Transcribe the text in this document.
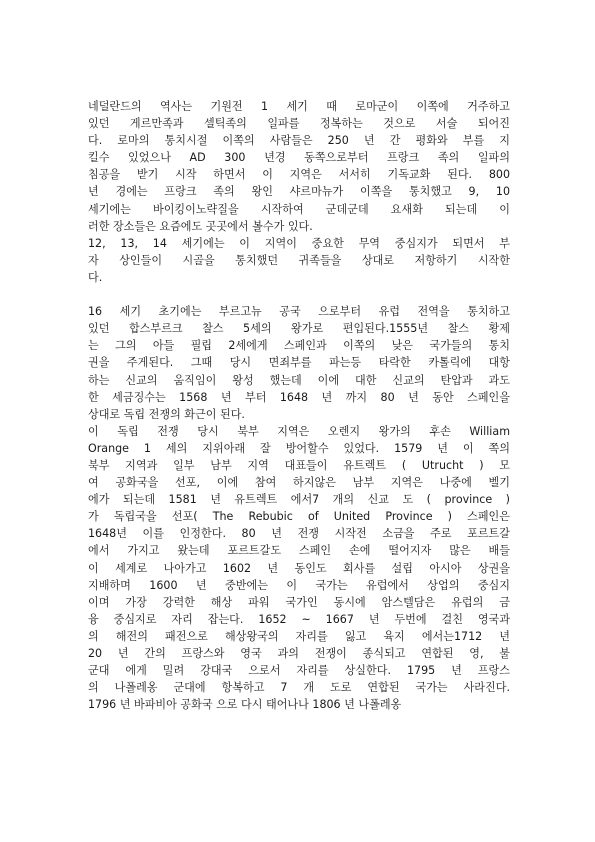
네덜란드의 역사는 기원전 1 세기 때 로마군이 이쪽에 거주하고
있던 게르만족과 셀틱족의 일파를 정복하는 것으로 서술 되어진
다. 로마의 통치시절 이쪽의 사람들은 250 년 간 평화와 부를 지
킬수 있었으나 AD 300 년경 동쪽으로부터 프랑크 족의 일파의
침공을 받기 시작 하면서 이 지역은 서서히 기독교화 된다. 800
년 경에는 프랑크 족의 왕인 샤르마뉴가 이쪽을 통치했고 9, 10
세기에는 바이킹이노략질을 시작하여 군데군데 요새화 되는데 이
러한 장소들은 요즘에도 곳곳에서 볼수가 있다.
12, 13, 14 세기에는 이 지역이 중요한 무역 중심지가 되면서 부
자 상인들이 시골을 통치했던 귀족들을 상대로 저항하기 시작한
다.
16 세기 초기에는 부르고뉴 공국 으로부터 유럽 전역을 통치하고
있던 합스부르크 찰스 5세의 왕가로 편입된다.1555년 찰스 황제
는 그의 아들 필립 2세에게 스페인과 이쪽의 낮은 국가들의 통치
권을 주게된다. 그때 당시 면죄부를 파는등 타락한 카톨릭에 대항
하는 신교의 움직임이 왕성 했는데 이에 대한 신교의 탄압과 과도
한 세금징수는 1568 년 부터 1648 년 까지 80 년 동안 스페인을
상대로 독립 전쟁의 화근이 된다.
이 독립 전쟁 당시 북부 지역은 오렌지 왕가의 후손 William
Orange 1 세의 지위아래 잘 방어할수 있었다. 1579 년 이 쪽의
북부 지역과 일부 남부 지역 대표들이 유트렉트 ( Utrucht ) 모
여 공화국을 선포, 이에 참여 하지않은 남부 지역은 나중에 벨기
에가 되는데 1581 년 유트렉트 에서7 개의 신교 도 ( province )
가 독립국을 선포( The Rebubic of United Province ) 스페인은
1648년 이를 인정한다. 80 년 전쟁 시작전 소금을 주로 포르트갈
에서 가지고 왔는데 포르트갈도 스페인 손에 떨어지자 많은 배들
이 세계로 나아가고 1602 년 동인도 회사를 설립 아시아 상권을
지배하며 1600 년 중반에는 이 국가는 유럽에서 상업의 중심지
이며 가장 강력한 해상 파워 국가인 동시에 암스텔담은 유럽의 금
융 중심지로 자리 잡는다. 1652 ~ 1667 년 두번에 걸친 영국과
의 해전의 패전으로 해상왕국의 자리를 잃고 육지 에서는1712 년
20 년 간의 프랑스와 영국 과의 전쟁이 종식되고 연합된 영, 불
군대 에게 밀려 강대국 으로서 자리를 상실한다. 1795 년 프랑스
의 나폴레옹 군대에 항복하고 7 개 도로 연합된 국가는 사라진다.
1796 년 바파비아 공화국 으로 다시 태어나나 1806 년 나폴레옹
